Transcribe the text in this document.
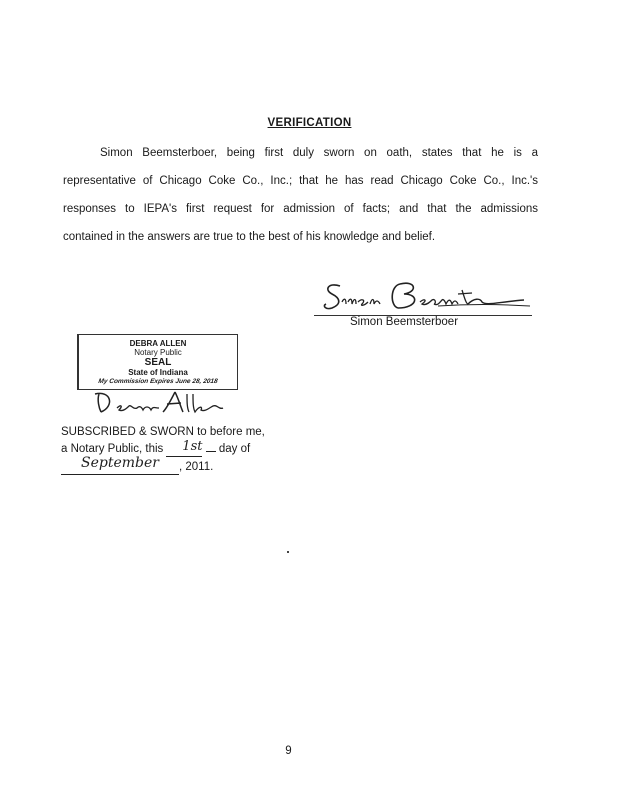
VERIFICATION
Simon Beemsterboer, being first duly sworn on oath, states that he is a
representative of Chicago Coke Co., Inc.; that he has read Chicago Coke Co., Inc.'s
responses to IEPA's first request for admission of facts; and that the admissions
contained in the answers are true to the best of his knowledge and belief.
Simon Beemsterboer
DEBRA ALLEN
Notary Public
SEAL
State of Indiana
My Commission Expires June 28, 2018
SUBSCRIBED & SWORN to before me,
a Notary Public, this 1st day of
September , 2011.
9
